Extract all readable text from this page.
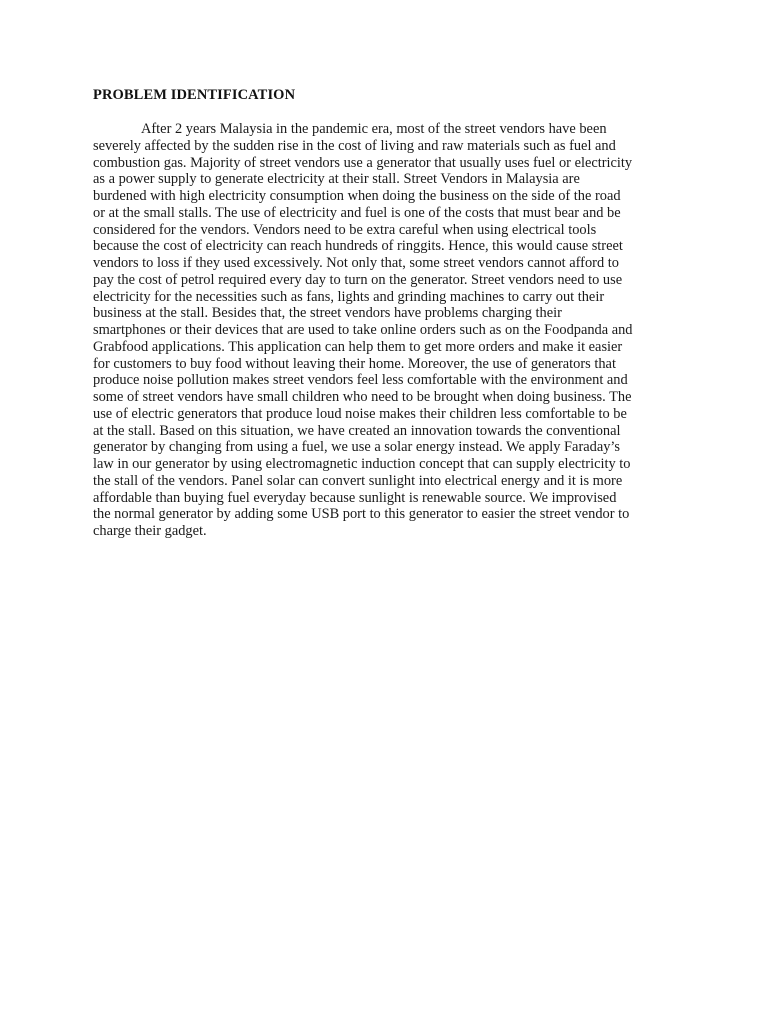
PROBLEM IDENTIFICATION

After 2 years Malaysia in the pandemic era, most of the street vendors have been
severely affected by the sudden rise in the cost of living and raw materials such as fuel and
combustion gas. Majority of street vendors use a generator that usually uses fuel or electricity
as a power supply to generate electricity at their stall. Street Vendors in Malaysia are
burdened with high electricity consumption when doing the business on the side of the road
or at the small stalls. The use of electricity and fuel is one of the costs that must bear and be
considered for the vendors. Vendors need to be extra careful when using electrical tools
because the cost of electricity can reach hundreds of ringgits. Hence, this would cause street
vendors to loss if they used excessively. Not only that, some street vendors cannot afford to
pay the cost of petrol required every day to turn on the generator. Street vendors need to use
electricity for the necessities such as fans, lights and grinding machines to carry out their
business at the stall. Besides that, the street vendors have problems charging their
smartphones or their devices that are used to take online orders such as on the Foodpanda and
Grabfood applications. This application can help them to get more orders and make it easier
for customers to buy food without leaving their home. Moreover, the use of generators that
produce noise pollution makes street vendors feel less comfortable with the environment and
some of street vendors have small children who need to be brought when doing business. The
use of electric generators that produce loud noise makes their children less comfortable to be
at the stall. Based on this situation, we have created an innovation towards the conventional
generator by changing from using a fuel, we use a solar energy instead. We apply Faraday’s
law in our generator by using electromagnetic induction concept that can supply electricity to
the stall of the vendors. Panel solar can convert sunlight into electrical energy and it is more
affordable than buying fuel everyday because sunlight is renewable source. We improvised
the normal generator by adding some USB port to this generator to easier the street vendor to
charge their gadget.
